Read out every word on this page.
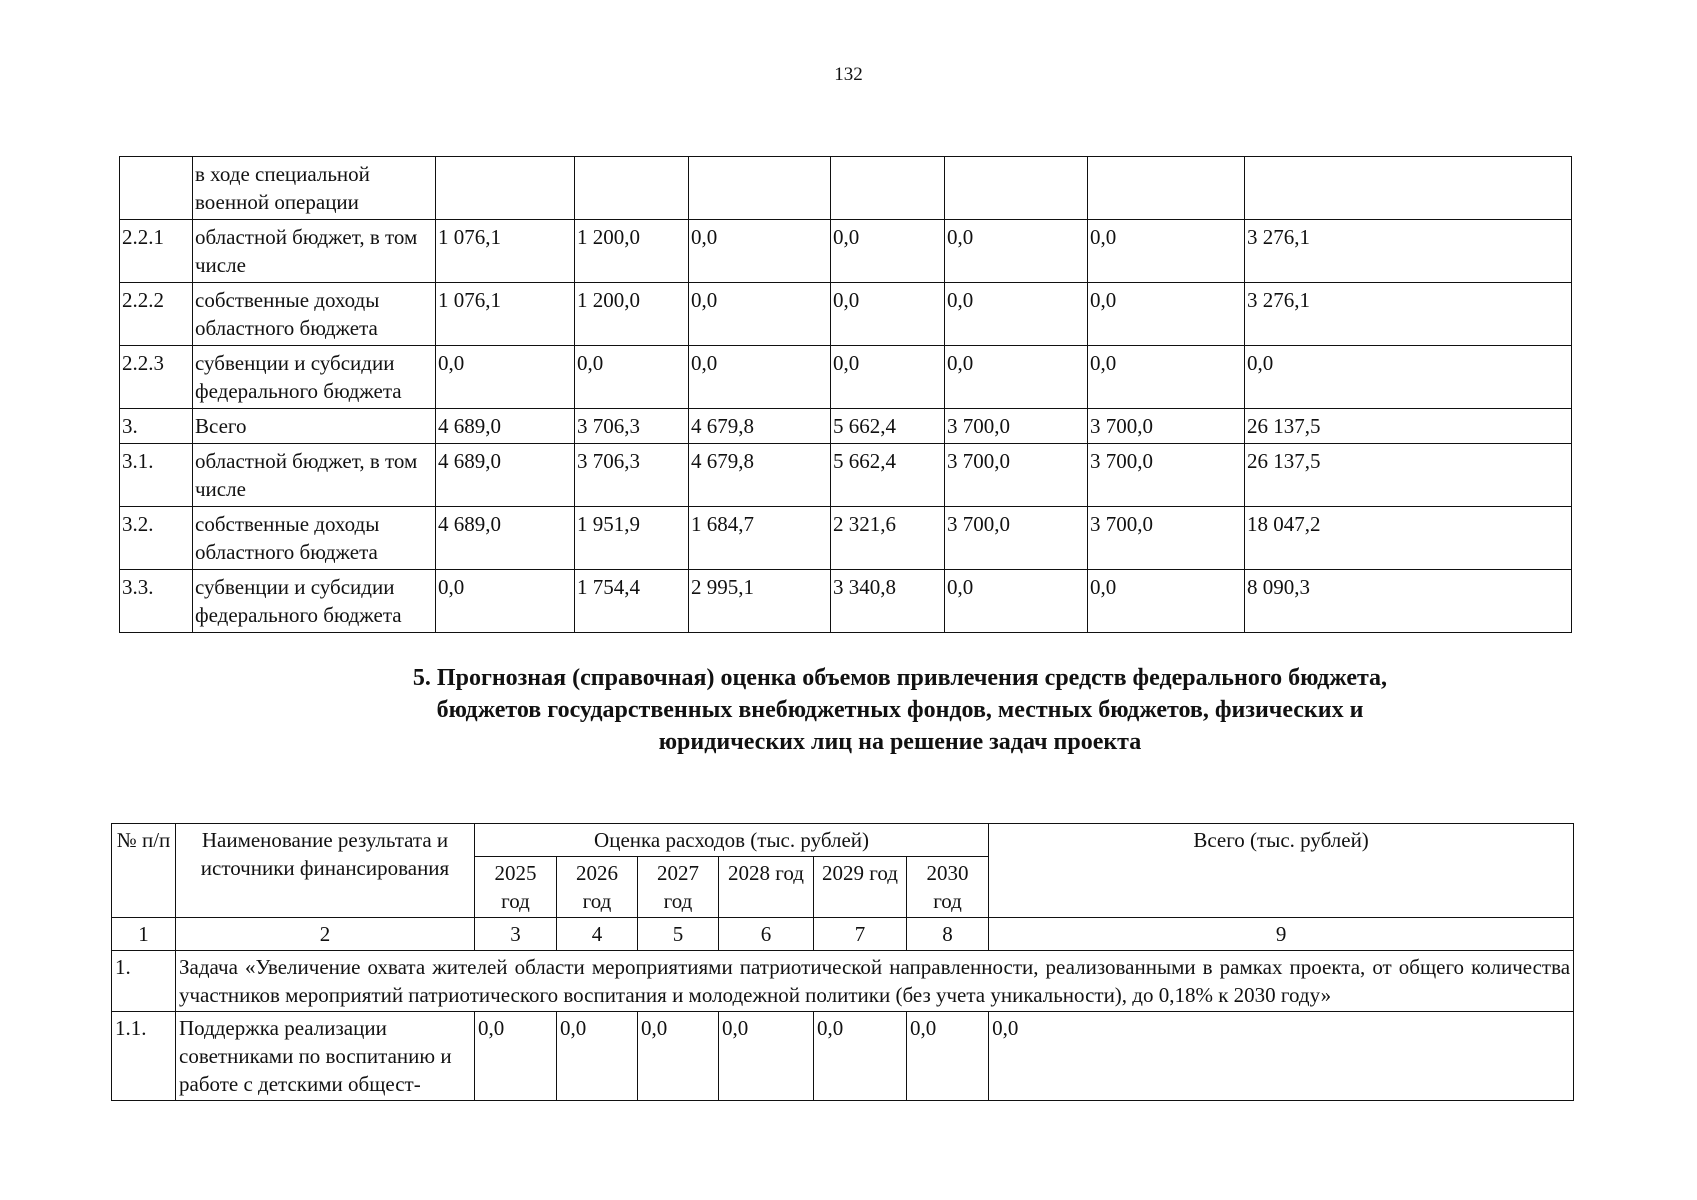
132
	в ходе специальной военной операции							
2.2.1	областной бюджет, в том числе	1 076,1	1 200,0	0,0	0,0	0,0	0,0	3 276,1
2.2.2	собственные доходы областного бюджета	1 076,1	1 200,0	0,0	0,0	0,0	0,0	3 276,1
2.2.3	субвенции и субсидии федерального бюджета	0,0	0,0	0,0	0,0	0,0	0,0	0,0
3.	Всего	4 689,0	3 706,3	4 679,8	5 662,4	3 700,0	3 700,0	26 137,5
3.1.	областной бюджет, в том числе	4 689,0	3 706,3	4 679,8	5 662,4	3 700,0	3 700,0	26 137,5
3.2.	собственные доходы областного бюджета	4 689,0	1 951,9	1 684,7	2 321,6	3 700,0	3 700,0	18 047,2
3.3.	субвенции и субсидии федерального бюджета	0,0	1 754,4	2 995,1	3 340,8	0,0	0,0	8 090,3
5. Прогнозная (справочная) оценка объемов привлечения средств федерального бюджета, бюджетов государственных внебюджетных фондов, местных бюджетов, физических и юридических лиц на решение задач проекта
№ п/п	Наименование результата и источники финансирования	Оценка расходов (тыс. рублей)						Всего (тыс. рублей)
		2025 год	2026 год	2027 год	2028 год	2029 год	2030 год	
1	2	3	4	5	6	7	8	9
1.	Задача «Увеличение охвата жителей области мероприятиями патриотической направленности, реализованными в рамках проекта, от общего количества участников мероприятий патриотического воспитания и молодежной политики (без учета уникальности), до 0,18% к 2030 году»							
1.1.	Поддержка реализации советниками по воспитанию и работе с детскими общест-	0,0	0,0	0,0	0,0	0,0	0,0	0,0
